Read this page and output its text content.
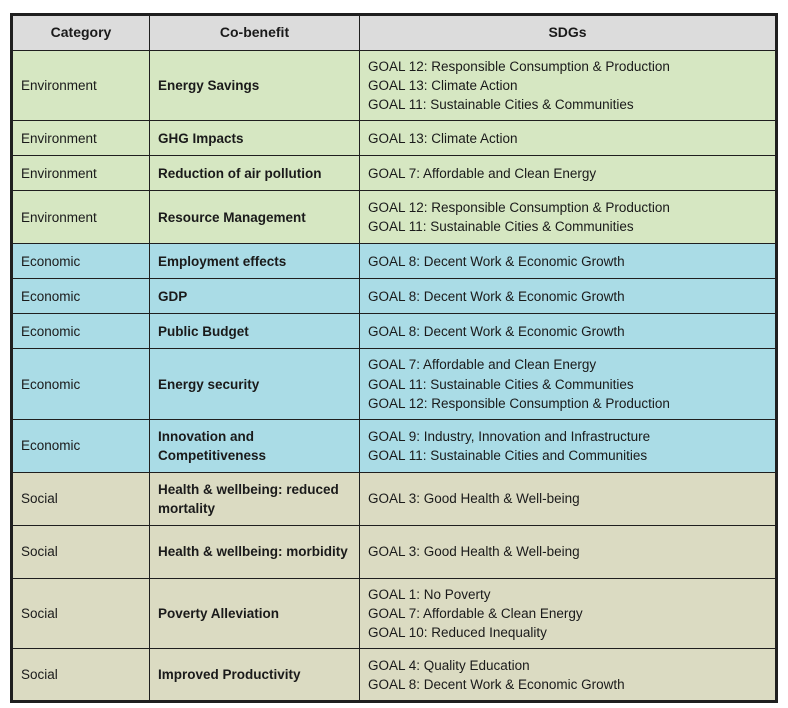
Category	Co-benefit	SDGs
Environment	Energy Savings	GOAL 12: Responsible Consumption & Production
GOAL 13: Climate Action
GOAL 11: Sustainable Cities & Communities

Environment	GHG Impacts	GOAL 13: Climate Action

Environment	Reduction of air pollution	GOAL 7: Affordable and Clean Energy

Environment	Resource Management	GOAL 12: Responsible Consumption & Production
GOAL 11: Sustainable Cities & Communities

Economic	Employment effects	GOAL 8: Decent Work & Economic Growth

Economic	GDP	GOAL 8: Decent Work & Economic Growth

Economic	Public Budget	GOAL 8: Decent Work & Economic Growth

Economic	Energy security	GOAL 7: Affordable and Clean Energy
GOAL 11: Sustainable Cities & Communities
GOAL 12: Responsible Consumption & Production

Economic	Innovation and Competitiveness	GOAL 9: Industry, Innovation and Infrastructure
GOAL 11: Sustainable Cities and Communities

Social	Health & wellbeing: reduced mortality	GOAL 3: Good Health & Well-being

Social	Health & wellbeing: morbidity	GOAL 3: Good Health & Well-being

Social	Poverty Alleviation	GOAL 1: No Poverty
GOAL 7: Affordable & Clean Energy
GOAL 10: Reduced Inequality

Social	Improved Productivity	GOAL 4: Quality Education
GOAL 8: Decent Work & Economic Growth
